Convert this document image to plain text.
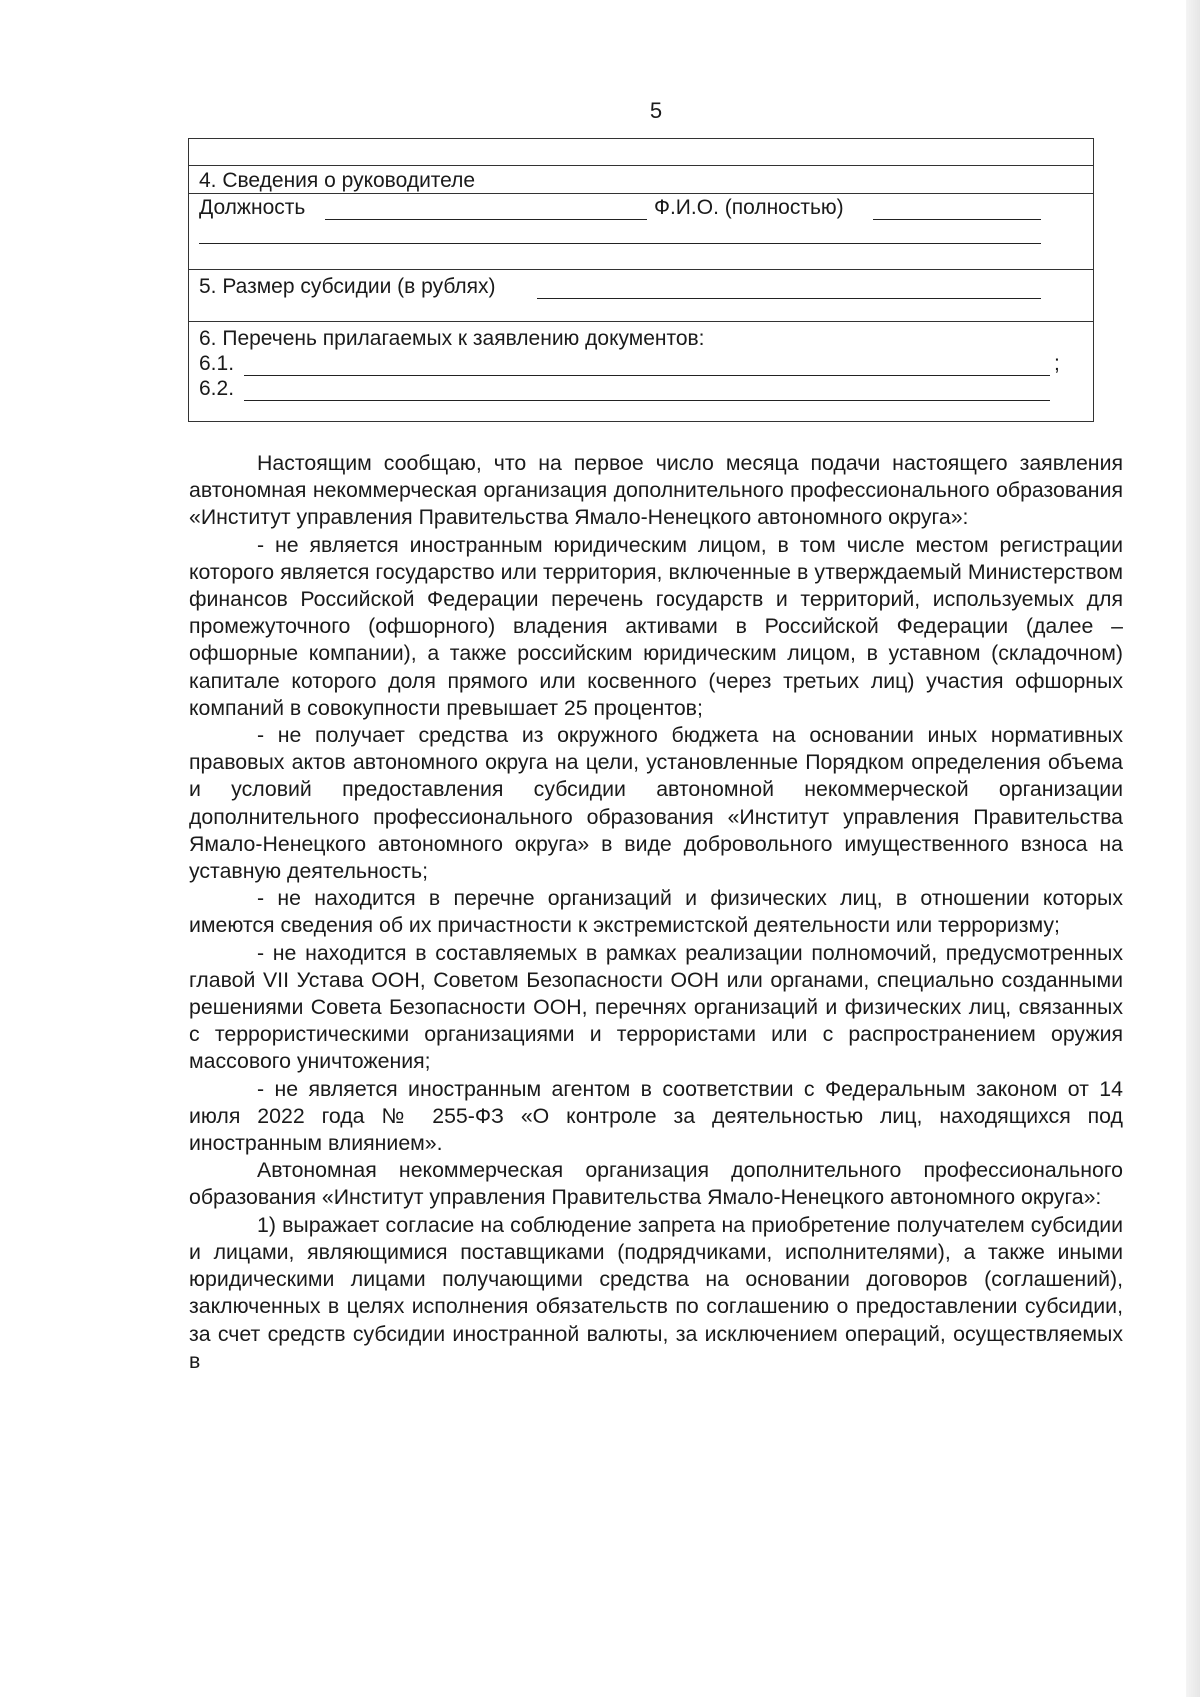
5
4. Сведения о руководителе
Должность	Ф.И.О. (полностью)
5. Размер субсидии (в рублях)
6. Перечень прилагаемых к заявлению документов:
6.1.	;
6.2.

Настоящим сообщаю, что на первое число месяца подачи настоящего заявления автономная некоммерческая организация дополнительного профессионального образования «Институт управления Правительства Ямало-Ненецкого автономного округа»:

- не является иностранным юридическим лицом, в том числе местом регистрации которого является государство или территория, включенные в утверждаемый Министерством финансов Российской Федерации перечень государств и территорий, используемых для промежуточного (офшорного) владения активами в Российской Федерации (далее – офшорные компании), а также российским юридическим лицом, в уставном (складочном) капитале которого доля прямого или косвенного (через третьих лиц) участия офшорных компаний в совокупности превышает 25 процентов;

- не получает средства из окружного бюджета на основании иных нормативных правовых актов автономного округа на цели, установленные Порядком определения объема и условий предоставления субсидии автономной некоммерческой организации дополнительного профессионального образования «Институт управления Правительства Ямало-Ненецкого автономного округа» в виде добровольного имущественного взноса на уставную деятельность;

- не находится в перечне организаций и физических лиц, в отношении которых имеются сведения об их причастности к экстремистской деятельности или терроризму;

- не находится в составляемых в рамках реализации полномочий, предусмотренных главой VII Устава ООН, Советом Безопасности ООН или органами, специально созданными решениями Совета Безопасности ООН, перечнях организаций и физических лиц, связанных с террористическими организациями и террористами или с распространением оружия массового уничтожения;

- не является иностранным агентом в соответствии с Федеральным законом от 14 июля 2022 года № 255-ФЗ «О контроле за деятельностью лиц, находящихся под иностранным влиянием».

Автономная некоммерческая организация дополнительного профессионального образования «Институт управления Правительства Ямало-Ненецкого автономного округа»:

1) выражает согласие на соблюдение запрета на приобретение получателем субсидии и лицами, являющимися поставщиками (подрядчиками, исполнителями), а также иными юридическими лицами получающими средства на основании договоров (соглашений), заключенных в целях исполнения обязательств по соглашению о предоставлении субсидии, за счет средств субсидии иностранной валюты, за исключением операций, осуществляемых в
